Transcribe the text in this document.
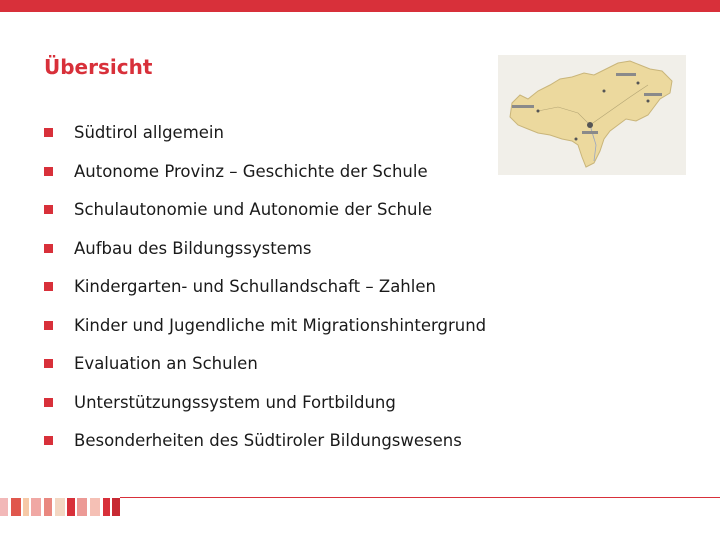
Übersicht
Südtirol allgemein
Autonome Provinz – Geschichte der Schule
Schulautonomie und Autonomie der Schule
Aufbau des Bildungssystems
Kindergarten- und Schullandschaft – Zahlen
Kinder und Jugendliche mit Migrationshintergrund
Evaluation an Schulen
Unterstützungssystem und Fortbildung
Besonderheiten des Südtiroler Bildungswesens
